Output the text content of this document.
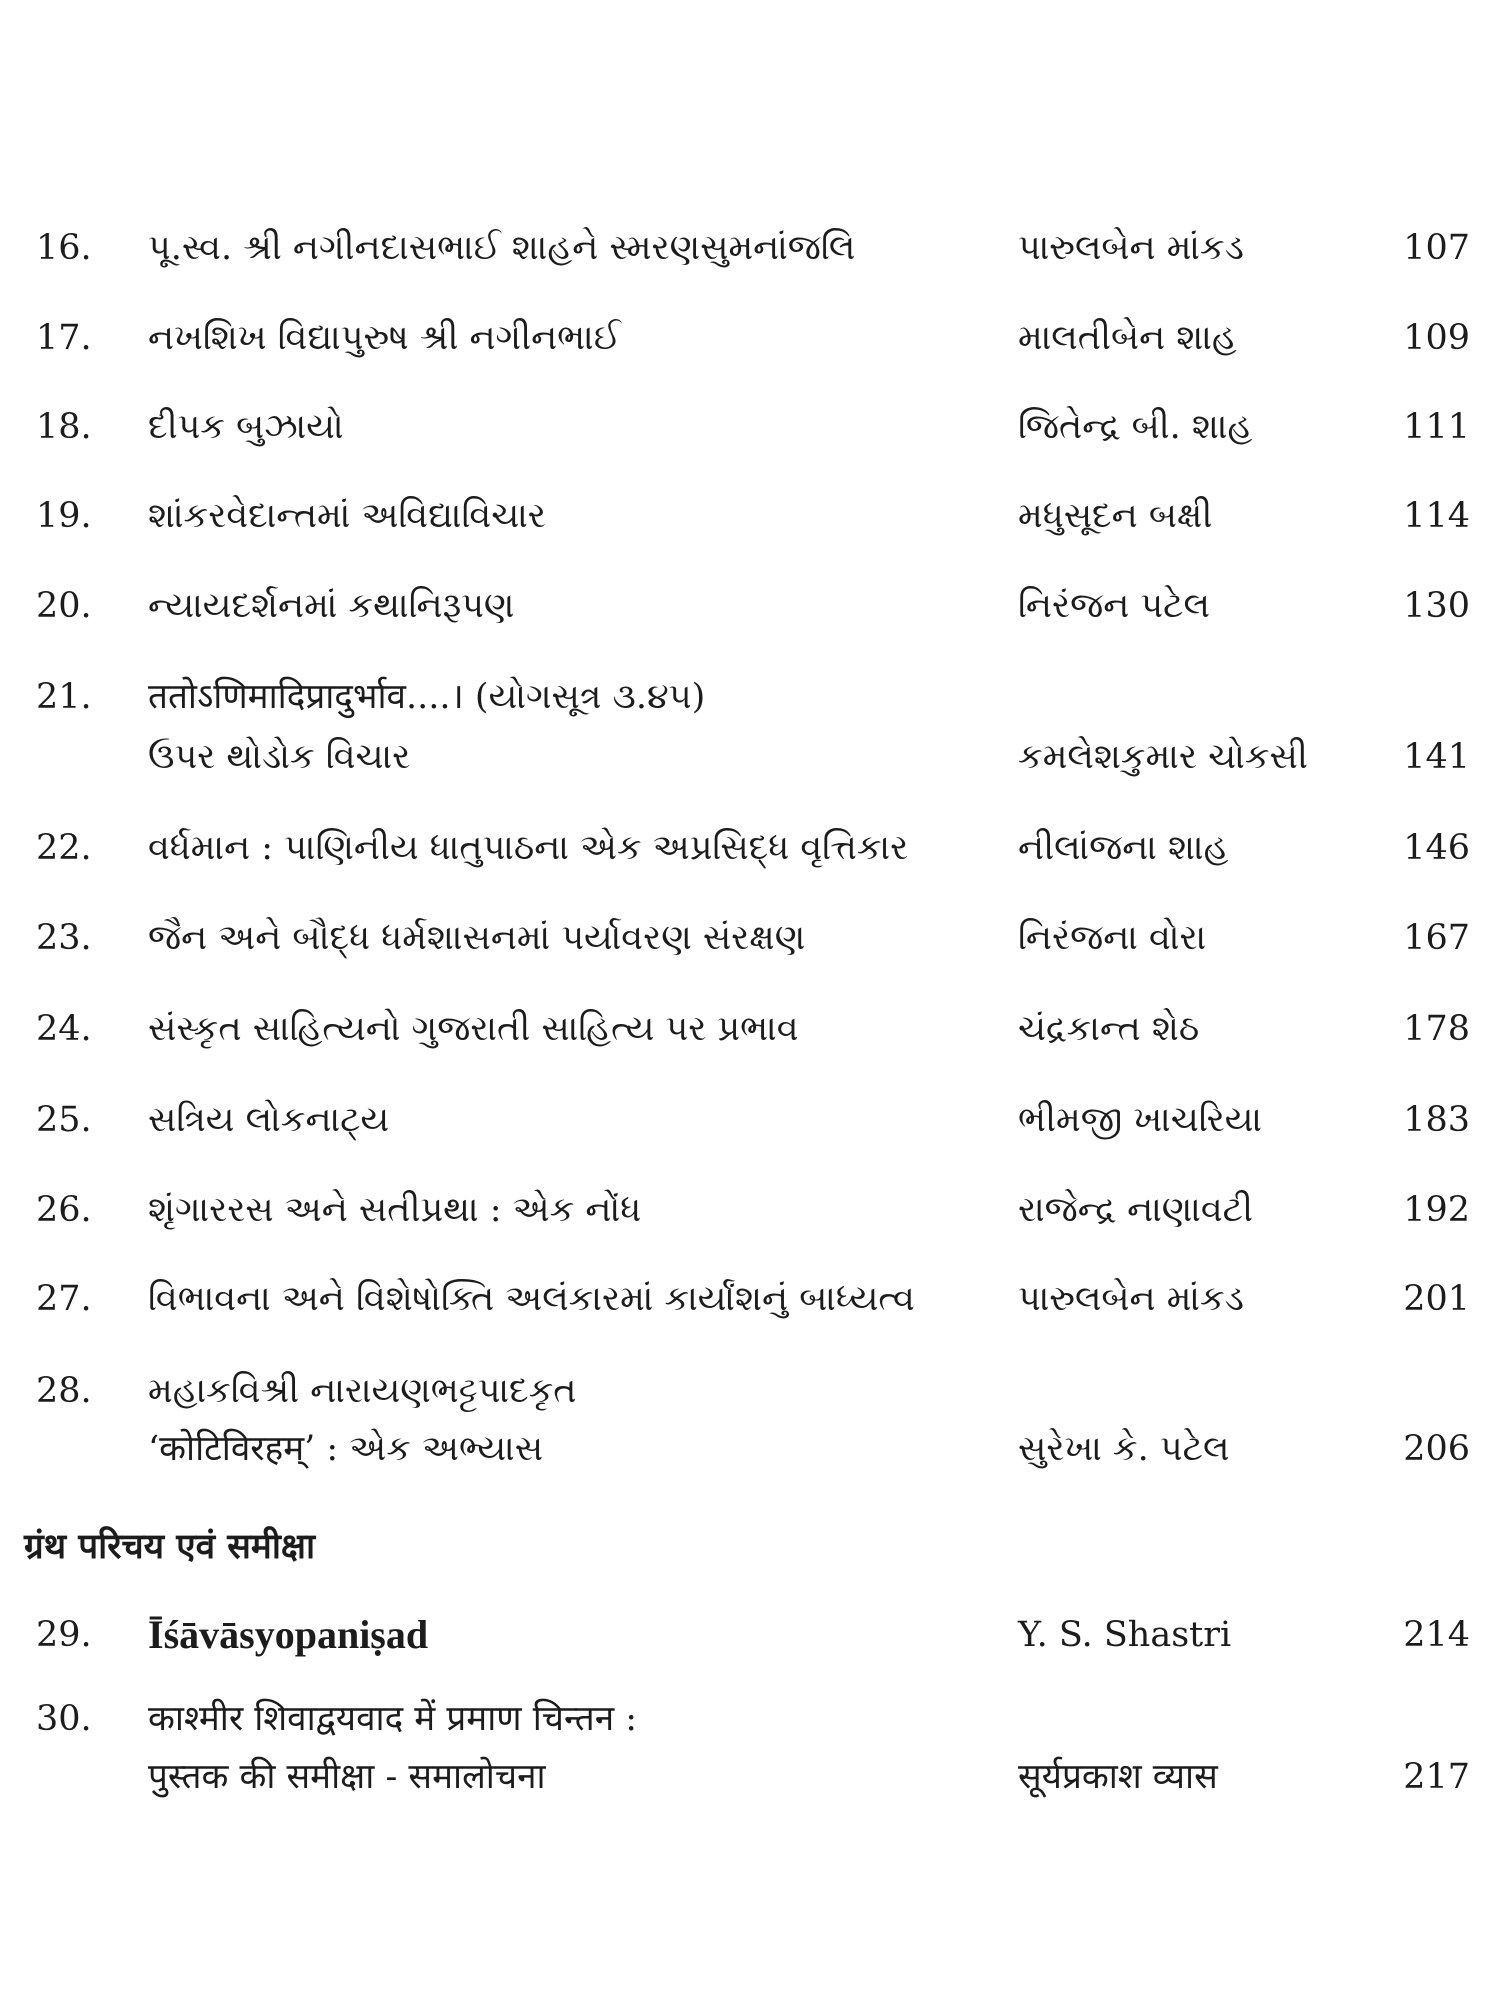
16.	પૂ.સ્વ. શ્રી નગીનદાસભાઈ શાહને સ્મરણસુમનાંજલિ	પારુલબેન માંકડ	107
17.	નખશિખ વિદ્યાપુરુષ શ્રી નગીનભાઈ	માલતીબેન શાહ	109
18.	દીપક બુઝાયો	જિતેન્દ્ર બી. શાહ	111
19.	શાંકરવેદાન્તમાં અવિદ્યાવિચાર	મધુસૂદન બક્ષી	114
20.	ન્યાયદર્શનમાં કથાનિરૂપણ	નિરંજન પટેલ	130
21.	ततोऽणिमादिप्रादुर्भाव....। (યોગસૂત્ર ૩.૪૫)
ઉપર થોડોક વિચાર	કમલેશકુમાર ચોકસી	141
22.	વર્ધમાન : પાણિનીય ધાતુપાઠના એક અપ્રસિદ્ધ વૃત્તિકાર	નીલાંજના શાહ	146
23.	જૈન અને બૌદ્ધ ધર્મશાસનમાં પર્યાવરણ સંરક્ષણ	નિરંજના વોરા	167
24.	સંસ્કૃત સાહિત્યનો ગુજરાતી સાહિત્ય પર પ્રભાવ	ચંદ્રકાન્ત શેઠ	178
25.	સત્રિય લોકનાટ્ય	ભીમજી ખાચરિયા	183
26.	શૃંગારરસ અને સતીપ્રથા : એક નોંધ	રાજેન્દ્ર નાણાવટી	192
27.	વિભાવના અને વિશેષોક્તિ અલંકારમાં કાર્યાંશનું બાધ્યત્વ	પારુલબેન માંકડ	201
28.	મહાકવિશ્રી નારાયણભટ્ટપાદકૃત
‘कोटिविरहम्’ : એક અભ્યાસ	સુરેખા કે. પટેલ	206
ग्रंथ परिचय एवं समीक्षा
29.	Īśāvāsyopaniṣad	Y. S. Shastri	214
30.	काश्मीर शिवाद्वयवाद में प्रमाण चिन्तन :
पुस्तक की समीक्षा - समालोचना	सूर्यप्रकाश व्यास	217
